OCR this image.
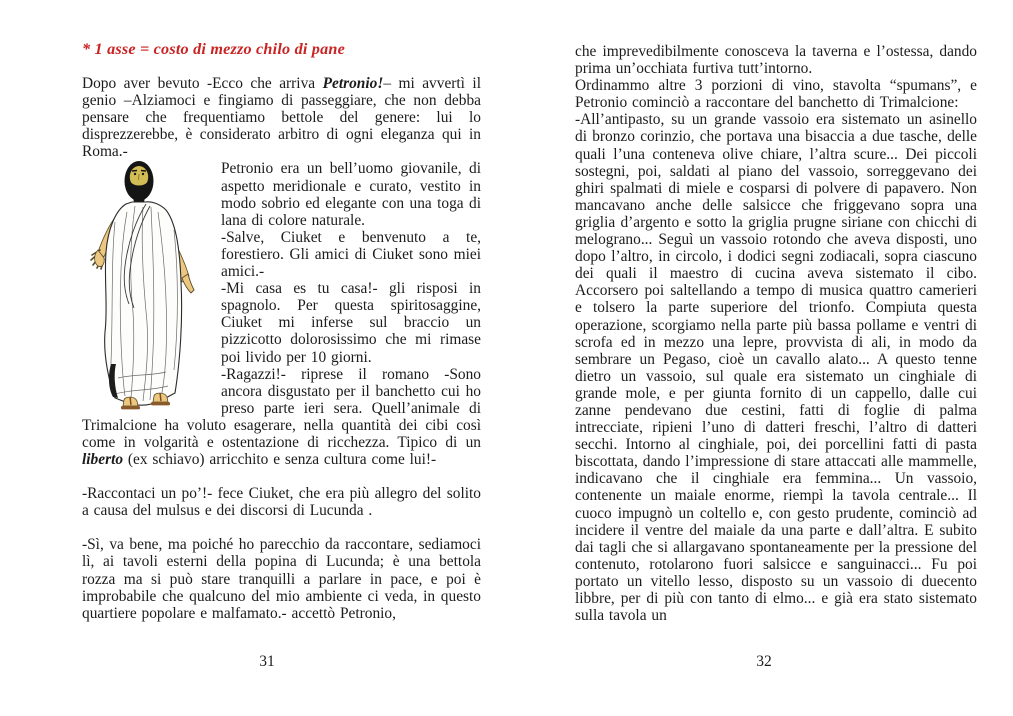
* 1 asse = costo di mezzo chilo di pane

Dopo aver bevuto -Ecco che arriva Petronio!– mi avvertì il genio –Alziamoci e fingiamo di passeggiare, che non debba pensare che frequentiamo bettole del genere: lui lo disprezzerebbe, è considerato arbitro di ogni eleganza qui in Roma.-

Petronio era un bell’uomo giovanile, di aspetto meridionale e curato, vestito in modo sobrio ed elegante con una toga di lana di colore naturale.

-Salve, Ciuket e benvenuto a te, forestiero. Gli amici di Ciuket sono miei amici.-

-Mi casa es tu casa!- gli risposi in spagnolo. Per questa spiritosaggine, Ciuket mi inferse sul braccio un pizzicotto dolorosissimo che mi rimase poi livido per 10 giorni.

-Ragazzi!- riprese il romano -Sono ancora disgustato per il banchetto cui ho preso parte ieri sera. Quell’animale di Trimalcione ha voluto esagerare, nella quantità dei cibi così come in volgarità e ostentazione di ricchezza. Tipico di un liberto (ex schiavo) arricchito e senza cultura come lui!-

-Raccontaci un po’!- fece Ciuket, che era più allegro del solito a causa del mulsus e dei discorsi di Lucunda .

-Sì, va bene, ma poiché ho parecchio da raccontare, sediamoci lì, ai tavoli esterni della popina di Lucunda; è una bettola rozza ma si può stare tranquilli a parlare in pace, e poi è improbabile che qualcuno del mio ambiente ci veda, in questo quartiere popolare e malfamato.- accettò Petronio,

che imprevedibilmente conosceva la taverna e l’ostessa, dando prima un’occhiata furtiva tutt’intorno.

Ordinammo altre 3 porzioni di vino, stavolta “spumans”, e Petronio cominciò a raccontare del banchetto di Trimalcione:

-All’antipasto, su un grande vassoio era sistemato un asinello di bronzo corinzio, che portava una bisaccia a due tasche, delle quali l’una conteneva olive chiare, l’altra scure... Dei piccoli sostegni, poi, saldati al piano del vassoio, sorreggevano dei ghiri spalmati di miele e cosparsi di polvere di papavero. Non mancavano anche delle salsicce che friggevano sopra una griglia d’argento e sotto la griglia prugne siriane con chicchi di melograno... Seguì un vassoio rotondo che aveva disposti, uno dopo l’altro, in circolo, i dodici segni zodiacali, sopra ciascuno dei quali il maestro di cucina aveva sistemato il cibo. Accorsero poi saltellando a tempo di musica quattro camerieri e tolsero la parte superiore del trionfo. Compiuta questa operazione, scorgiamo nella parte più bassa pollame e ventri di scrofa ed in mezzo una lepre, provvista di ali, in modo da sembrare un Pegaso, cioè un cavallo alato... A questo tenne dietro un vassoio, sul quale era sistemato un cinghiale di grande mole, e per giunta fornito di un cappello, dalle cui zanne pendevano due cestini, fatti di foglie di palma intrecciate, ripieni l’uno di datteri freschi, l’altro di datteri secchi. Intorno al cinghiale, poi, dei porcellini fatti di pasta biscottata, dando l’impressione di stare attaccati alle mammelle, indicavano che il cinghiale era femmina... Un vassoio, contenente un maiale enorme, riempì la tavola centrale... Il cuoco impugnò un coltello e, con gesto prudente, cominciò ad incidere il ventre del maiale da una parte e dall’altra. E subito dai tagli che si allargavano spontaneamente per la pressione del contenuto, rotolarono fuori salsicce e sanguinacci... Fu poi portato un vitello lesso, disposto su un vassoio di duecento libbre, per di più con tanto di elmo... e già era stato sistemato sulla tavola un

31	32
